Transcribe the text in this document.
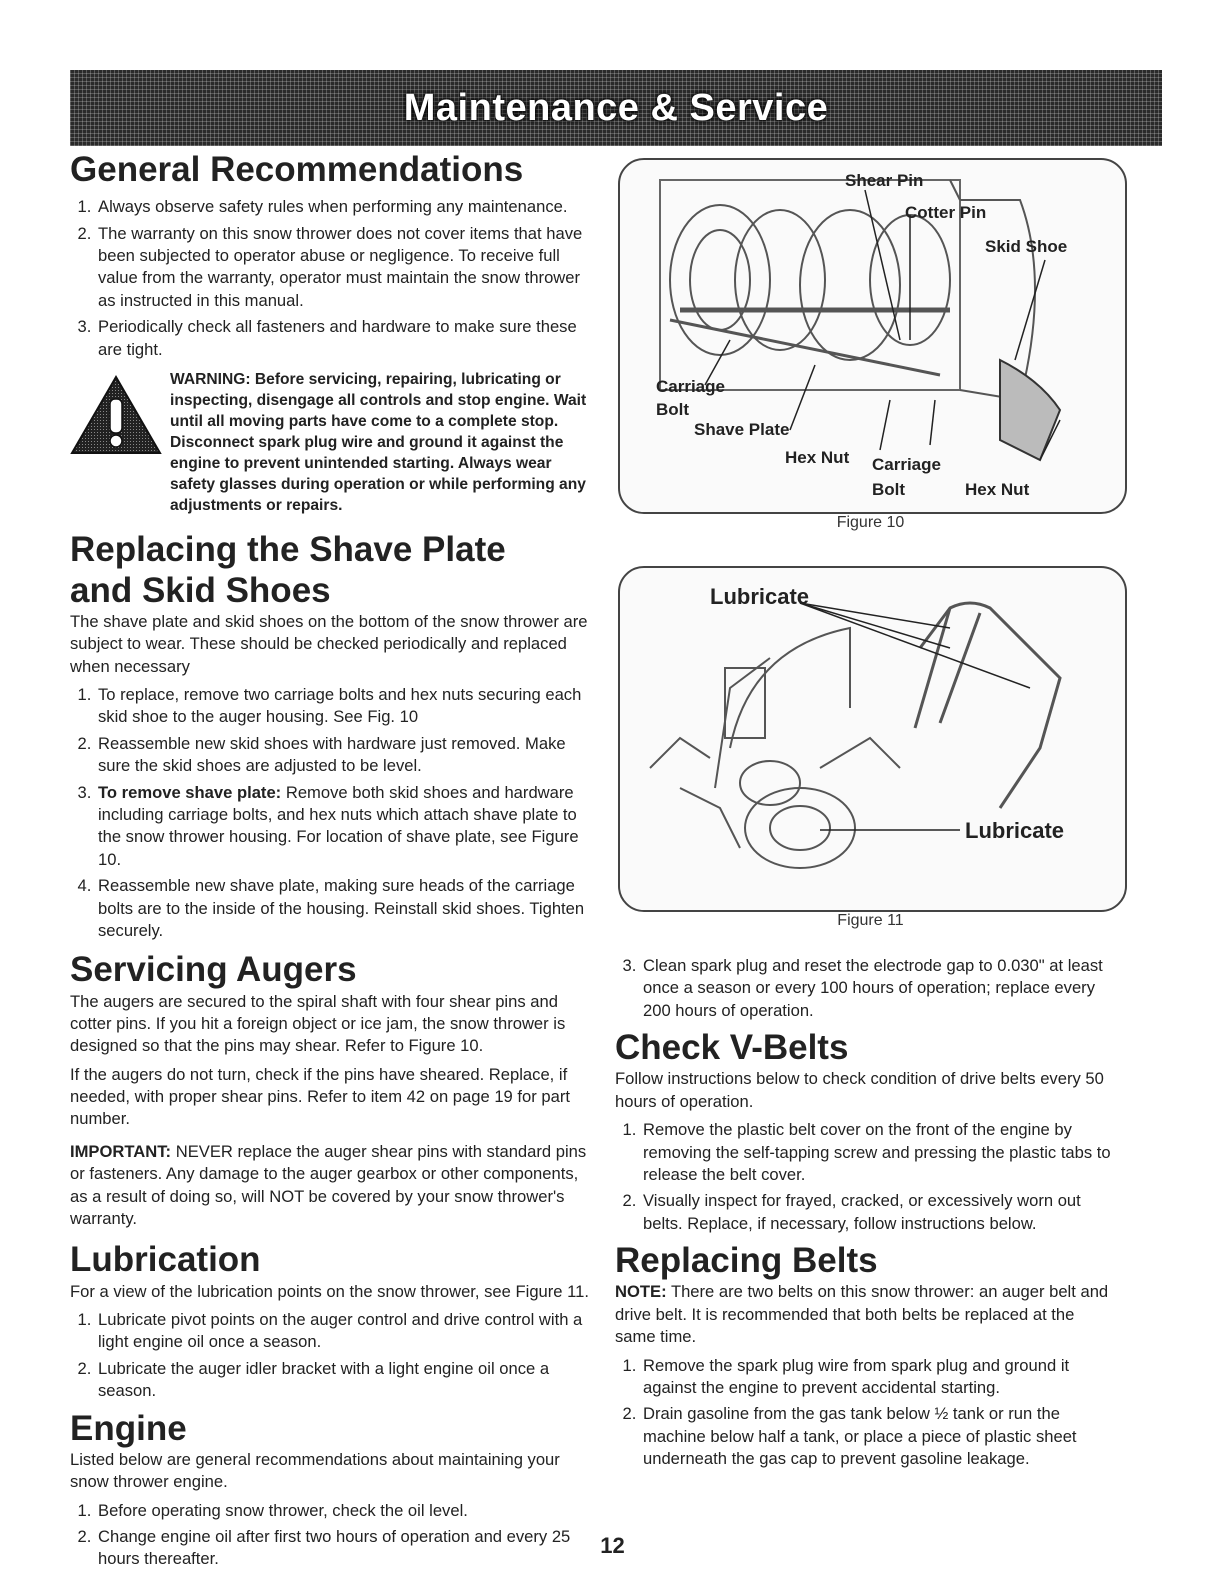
Maintenance & Service
General Recommendations
1. Always observe safety rules when performing any maintenance.
2. The warranty on this snow thrower does not cover items that have been subjected to operator abuse or negligence. To receive full value from the warranty, operator must maintain the snow thrower as instructed in this manual.
3. Periodically check all fasteners and hardware to make sure these are tight.
WARNING: Before servicing, repairing, lubricating or inspecting, disengage all controls and stop engine. Wait until all moving parts have come to a complete stop. Disconnect spark plug wire and ground it against the engine to prevent unintended starting. Always wear safety glasses during operation or while performing any adjustments or repairs.
Replacing the Shave Plate
and Skid Shoes

The shave plate and skid shoes on the bottom of the snow thrower are subject to wear. These should be checked periodically and replaced when necessary

1. To replace, remove two carriage bolts and hex nuts securing each skid shoe to the auger housing. See Fig. 10
2. Reassemble new skid shoes with hardware just removed. Make sure the skid shoes are adjusted to be level.
3. To remove shave plate: Remove both skid shoes and hardware including carriage bolts, and hex nuts which attach shave plate to the snow thrower housing. For location of shave plate, see Figure 10.
4. Reassemble new shave plate, making sure heads of the carriage bolts are to the inside of the housing. Reinstall skid shoes. Tighten securely.
Servicing Augers

The augers are secured to the spiral shaft with four shear pins and cotter pins. If you hit a foreign object or ice jam, the snow thrower is designed so that the pins may shear. Refer to Figure 10.

If the augers do not turn, check if the pins have sheared. Replace, if needed, with proper shear pins. Refer to item 42 on page 19 for part number.

IMPORTANT: NEVER replace the auger shear pins with standard pins or fasteners. Any damage to the auger gearbox or other components, as a result of doing so, will NOT be covered by your snow thrower's warranty.

Lubrication

For a view of the lubrication points on the snow thrower, see Figure 11.

1. Lubricate pivot points on the auger control and drive control with a light engine oil once a season.
2. Lubricate the auger idler bracket with a light engine oil once a season.
Engine

Listed below are general recommendations about maintaining your snow thrower engine.

1. Before operating snow thrower, check the oil level.
2. Change engine oil after first two hours of operation and every 25 hours thereafter.
Shear Pin
Cotter Pin
Skid Shoe
Carriage
Bolt
Shave Plate
Hex Nut Carriage
Bolt	Hex Nut
Figure 10
Lubricate
Lubricate
Figure 11
3. Clean spark plug and reset the electrode gap to 0.030" at least once a season or every 100 hours of operation; replace every 200 hours of operation.
Check V-Belts

Follow instructions below to check condition of drive belts every 50 hours of operation.

1. Remove the plastic belt cover on the front of the engine by removing the self-tapping screw and pressing the plastic tabs to release the belt cover.
2. Visually inspect for frayed, cracked, or excessively worn out belts. Replace, if necessary, follow instructions below.
Replacing Belts

NOTE: There are two belts on this snow thrower: an auger belt and drive belt. It is recommended that both belts be replaced at the same time.

1. Remove the spark plug wire from spark plug and ground it against the engine to prevent accidental starting.
2. Drain gasoline from the gas tank below ½ tank or run the machine below half a tank, or place a piece of plastic sheet underneath the gas cap to prevent gasoline leakage.
12
